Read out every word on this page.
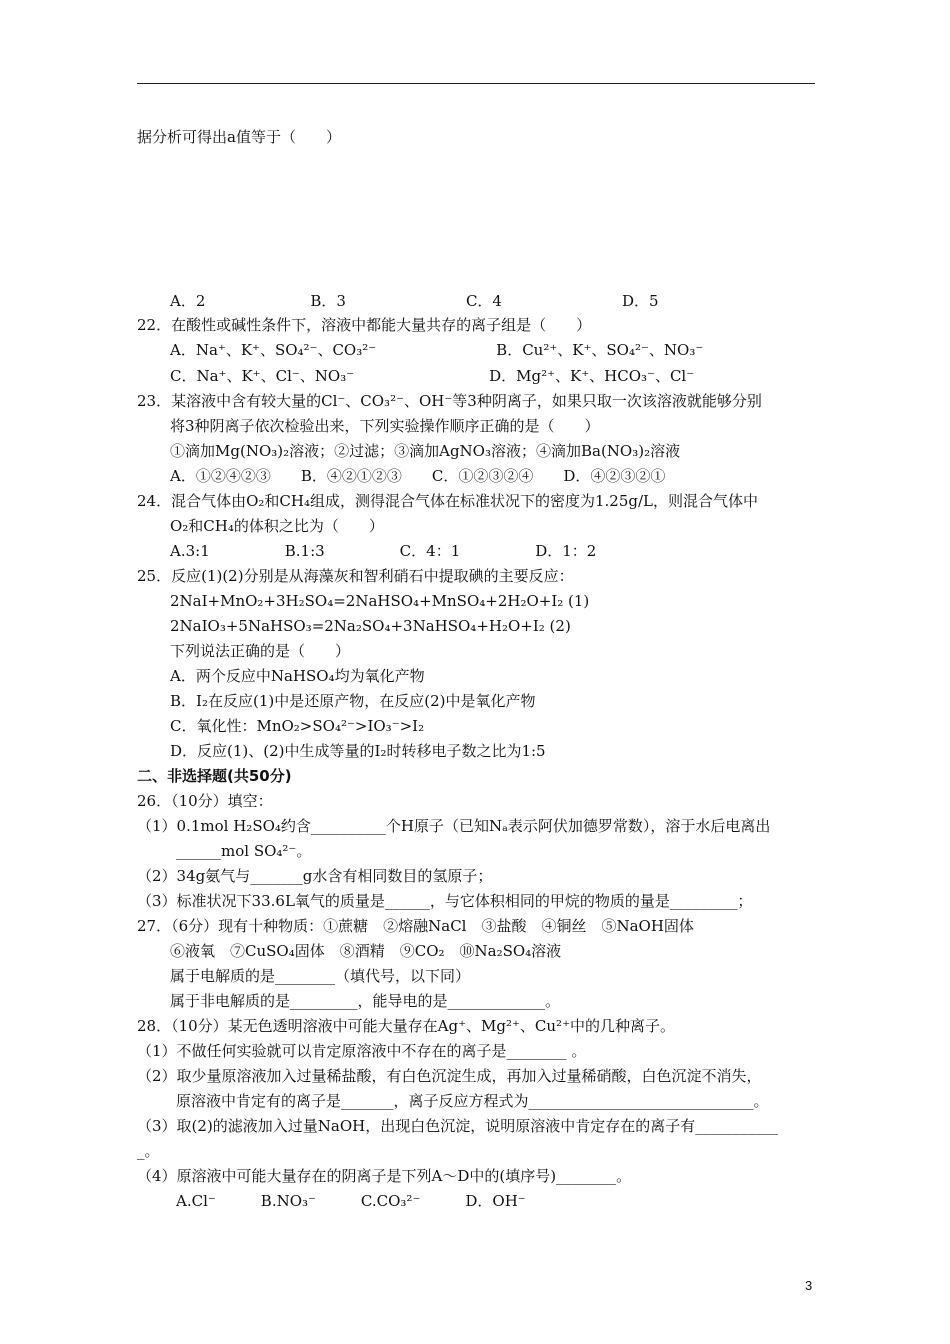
据分析可得出a值等于（　　）
A．2　　　　　　　B．3　　　　　　　　C．4　　　　　　　　D．5
22．在酸性或碱性条件下，溶液中都能大量共存的离子组是（　　）
A．Na⁺、K⁺、SO₄²⁻、CO₃²⁻　　　　　　　　B．Cu²⁺、K⁺、SO₄²⁻、NO₃⁻
C．Na⁺、K⁺、Cl⁻、NO₃⁻　　　　　　　　　D．Mg²⁺、K⁺、HCO₃⁻、Cl⁻
23．某溶液中含有较大量的Cl⁻、CO₃²⁻、OH⁻等3种阴离子，如果只取一次该溶液就能够分别
将3种阴离子依次检验出来，下列实验操作顺序正确的是（　　）
①滴加Mg(NO₃)₂溶液；②过滤；③滴加AgNO₃溶液；④滴加Ba(NO₃)₂溶液
A．①②④②③　　B．④②①②③　　C．①②③②④　　D．④②③②①
24．混合气体由O₂和CH₄组成，测得混合气体在标准状况下的密度为1.25g/L，则混合气体中
O₂和CH₄的体积之比为（　　）
A.3:1　　　　　B.1:3　　　　　C．4：1　　　　　D．1：2
25．反应(1)(2)分别是从海藻灰和智利硝石中提取碘的主要反应：
2NaI+MnO₂+3H₂SO₄=2NaHSO₄+MnSO₄+2H₂O+I₂ (1)
2NaIO₃+5NaHSO₃=2Na₂SO₄+3NaHSO₄+H₂O+I₂ (2)
下列说法正确的是（　　）
A．两个反应中NaHSO₄均为氧化产物
B．I₂在反应(1)中是还原产物，在反应(2)中是氧化产物
C．氧化性：MnO₂>SO₄²⁻>IO₃⁻>I₂
D．反应(1)、(2)中生成等量的I₂时转移电子数之比为1:5
二、非选择题(共50分)
26．（10分）填空：
（1）0.1mol H₂SO₄约含__________个H原子（已知Nₐ表示阿伏加德罗常数），溶于水后电离出
______mol SO₄²⁻。
（2）34g氨气与_______g水含有相同数目的氢原子；
（3）标准状况下33.6L氧气的质量是______，与它体积相同的甲烷的物质的量是_________；
27．（6分）现有十种物质：①蔗糖　②熔融NaCl　③盐酸　④铜丝　⑤NaOH固体
⑥液氧　⑦CuSO₄固体　⑧酒精　⑨CO₂　⑩Na₂SO₄溶液
属于电解质的是________（填代号，以下同）
属于非电解质的是_________，能导电的是_____________。
28．（10分）某无色透明溶液中可能大量存在Ag⁺、Mg²⁺、Cu²⁺中的几种离子。
（1）不做任何实验就可以肯定原溶液中不存在的离子是________ 。
（2）取少量原溶液加入过量稀盐酸，有白色沉淀生成，再加入过量稀硝酸，白色沉淀不消失，
原溶液中肯定有的离子是_______，离子反应方程式为______________________________。
（3）取(2)的滤液加入过量NaOH，出现白色沉淀，说明原溶液中肯定存在的离子有___________
_。
（4）原溶液中可能大量存在的阴离子是下列A～D中的(填序号)________。
A.Cl⁻　　　B.NO₃⁻　　　C.CO₃²⁻　　　D．OH⁻
3
